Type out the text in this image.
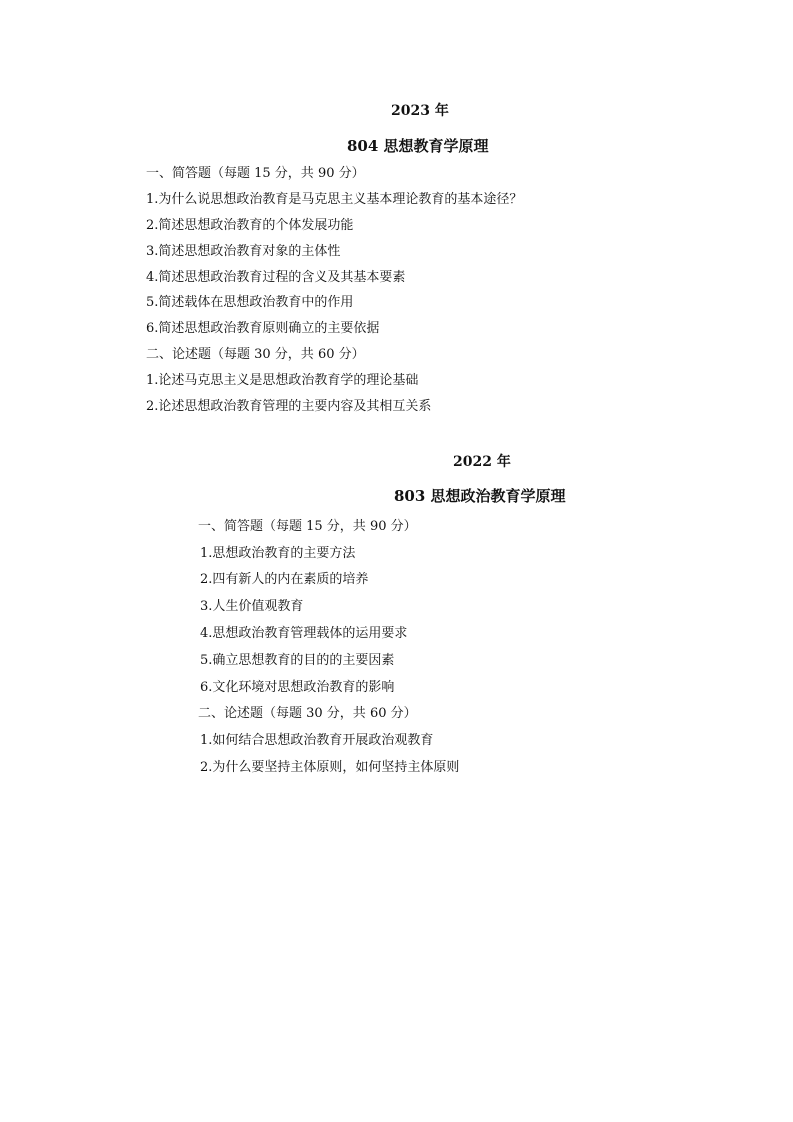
2023 年
804 思想教育学原理
一、简答题（每题 15 分，共 90 分）
1.为什么说思想政治教育是马克思主义基本理论教育的基本途径？
2.简述思想政治教育的个体发展功能
3.简述思想政治教育对象的主体性
4.简述思想政治教育过程的含义及其基本要素
5.简述载体在思想政治教育中的作用
6.简述思想政治教育原则确立的主要依据
二、论述题（每题 30 分，共 60 分）
1.论述马克思主义是思想政治教育学的理论基础
2.论述思想政治教育管理的主要内容及其相互关系
2022 年
803 思想政治教育学原理
一、简答题（每题 15 分，共 90 分）
1.思想政治教育的主要方法
2.四有新人的内在素质的培养
3.人生价值观教育
4.思想政治教育管理载体的运用要求
5.确立思想教育的目的的主要因素
6.文化环境对思想政治教育的影响
二、论述题（每题 30 分，共 60 分）
1.如何结合思想政治教育开展政治观教育
2.为什么要坚持主体原则，如何坚持主体原则
